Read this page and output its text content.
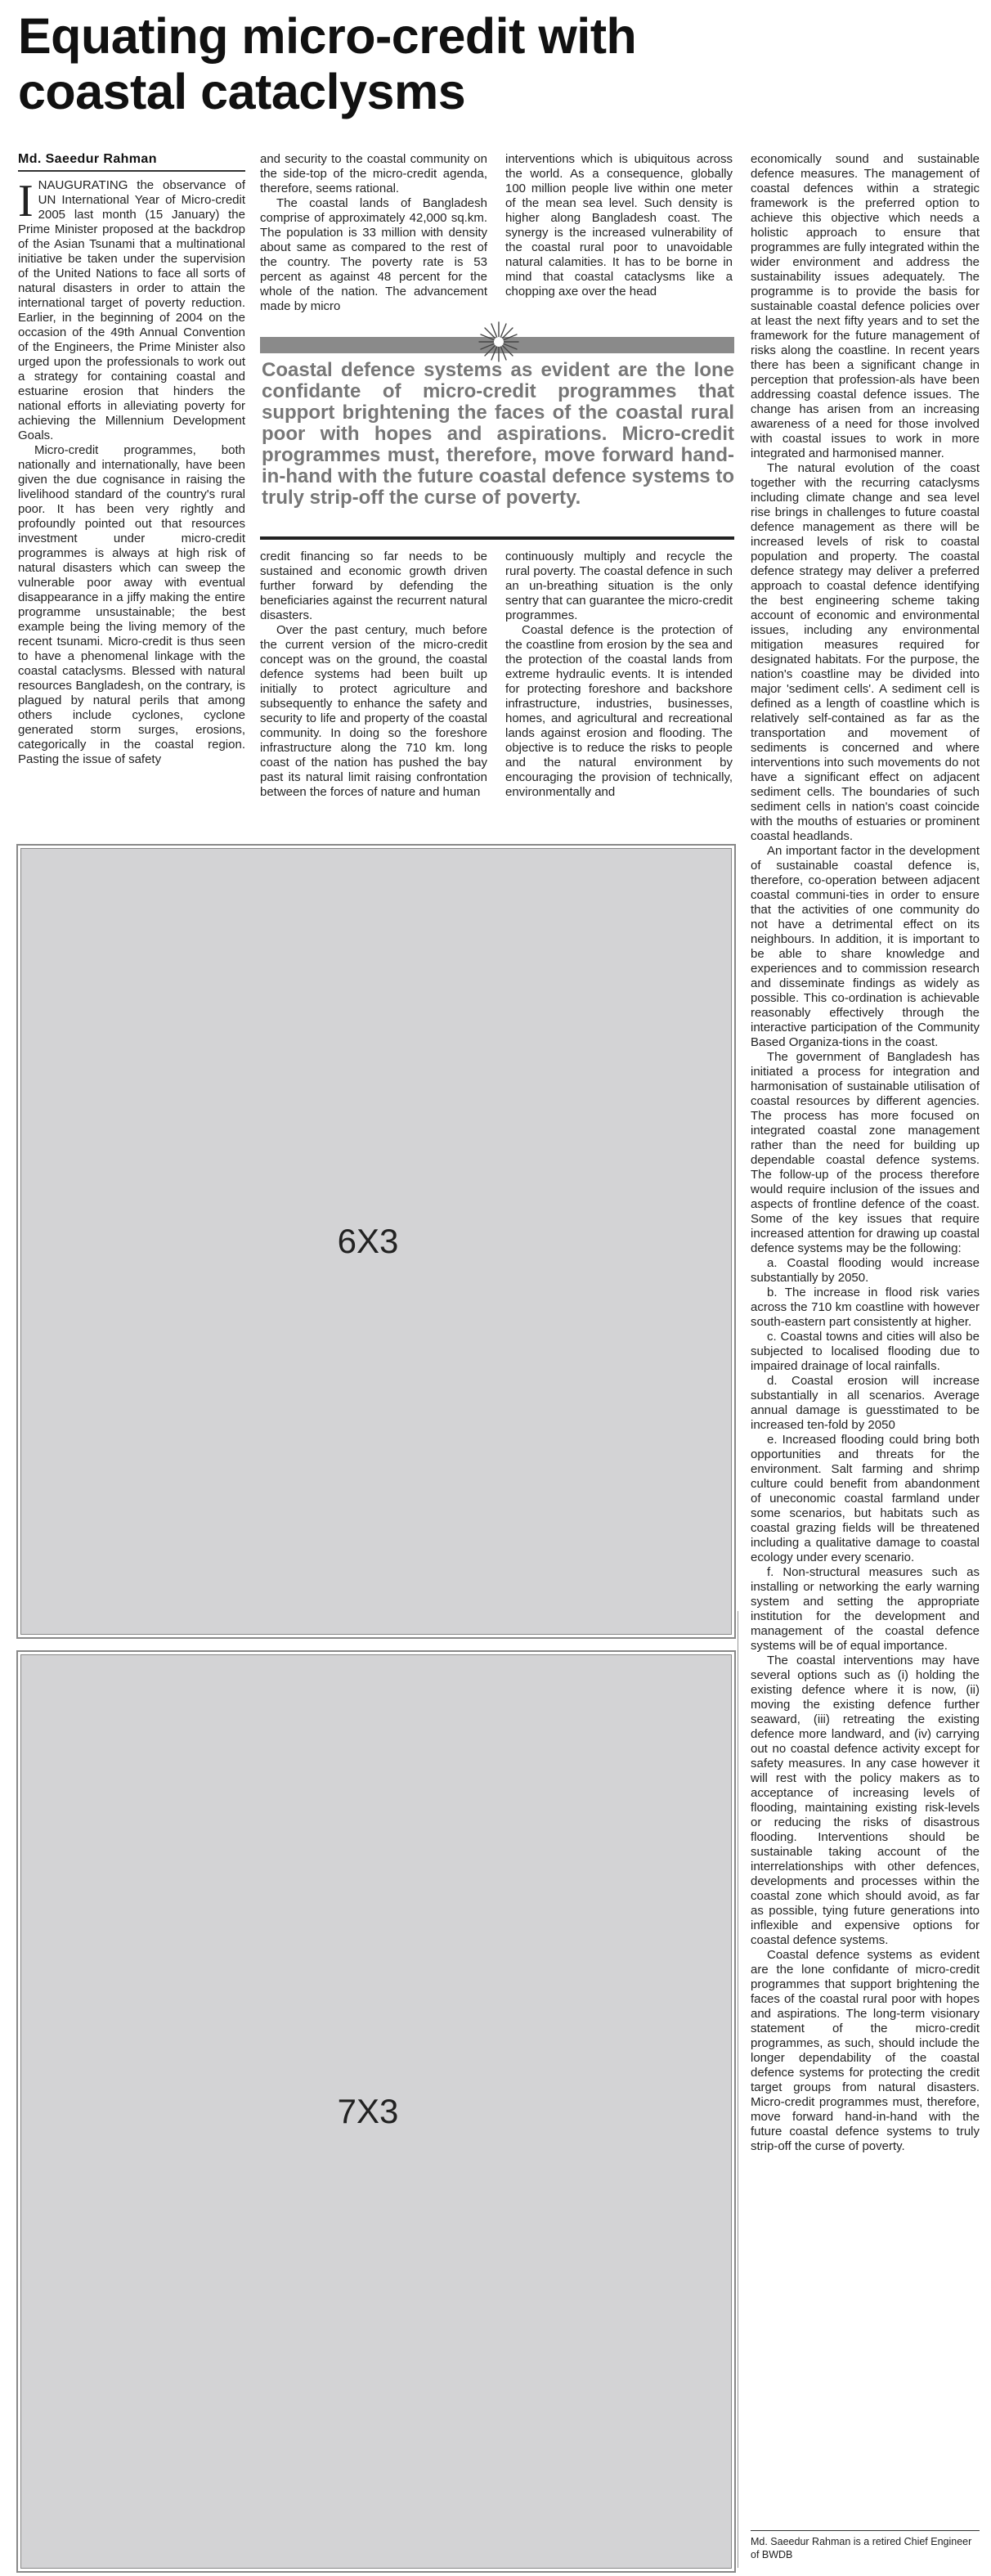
Equating micro-credit with coastal cataclysms
Md. Saeedur Rahman

INAUGURATING the observance of UN International Year of Micro-credit 2005 last month (15 January) the Prime Minister proposed at the backdrop of the Asian Tsunami that a multinational initiative be taken under the supervision of the United Nations to face all sorts of natural disasters in order to attain the international target of poverty reduction. Earlier, in the beginning of 2004 on the occasion of the 49th Annual Convention of the Engineers, the Prime Minister also urged upon the professionals to work out a strategy for containing coastal and estuarine erosion that hinders the national efforts in alleviating poverty for achieving the Millennium Development Goals.

Micro-credit programmes, both nationally and internationally, have been given the due cognisance in raising the livelihood standard of the country's rural poor. It has been very rightly and profoundly pointed out that resources investment under micro-credit programmes is always at high risk of natural disasters which can sweep the vulnerable poor away with eventual disappearance in a jiffy making the entire programme unsustainable; the best example being the living memory of the recent tsunami. Micro-credit is thus seen to have a phenomenal linkage with the coastal cataclysms. Blessed with natural resources Bangladesh, on the contrary, is plagued by natural perils that among others include cyclones, cyclone generated storm surges, erosions, categorically in the coastal region. Pasting the issue of safety

and security to the coastal community on the side-top of the micro-credit agenda, therefore, seems rational.

The coastal lands of Bangladesh comprise of approximately 42,000 sq.km. The population is 33 million with density about same as compared to the rest of the country. The poverty rate is 53 percent as against 48 percent for the whole of the nation. The advancement made by micro

interventions which is ubiquitous across the world. As a consequence, globally 100 million people live within one meter of the mean sea level. Such density is higher along Bangladesh coast. The synergy is the increased vulnerability of the coastal rural poor to unavoidable natural calamities. It has to be borne in mind that coastal cataclysms like a chopping axe over the head

Coastal defence systems as evident are the lone confidante of micro-credit programmes that support brightening the faces of the coastal rural poor with hopes and aspirations. Micro-credit programmes must, therefore, move forward hand-in-hand with the future coastal defence systems to truly strip-off the curse of poverty.

credit financing so far needs to be sustained and economic growth driven further forward by defending the beneficiaries against the recurrent natural disasters.

Over the past century, much before the current version of the micro-credit concept was on the ground, the coastal defence systems had been built up initially to protect agriculture and subsequently to enhance the safety and security to life and property of the coastal community. In doing so the foreshore infrastructure along the 710 km. long coast of the nation has pushed the bay past its natural limit raising confrontation between the forces of nature and human

continuously multiply and recycle the rural poverty. The coastal defence in such an un-breathing situation is the only sentry that can guarantee the micro-credit programmes.

Coastal defence is the protection of the coastline from erosion by the sea and the protection of the coastal lands from extreme hydraulic events. It is intended for protecting foreshore and backshore infrastructure, industries, businesses, homes, and agricultural and recreational lands against erosion and flooding. The objective is to reduce the risks to people and the natural environment by encouraging the provision of technically, environmentally and

economically sound and sustainable defence measures. The management of coastal defences within a strategic framework is the preferred option to achieve this objective which needs a holistic approach to ensure that programmes are fully integrated within the wider environment and address the sustainability issues adequately. The programme is to provide the basis for sustainable coastal defence policies over at least the next fifty years and to set the framework for the future management of risks along the coastline. In recent years there has been a significant change in perception that profession-als have been addressing coastal defence issues. The change has arisen from an increasing awareness of a need for those involved with coastal issues to work in more integrated and harmonised manner.

The natural evolution of the coast together with the recurring cataclysms including climate change and sea level rise brings in challenges to future coastal defence management as there will be increased levels of risk to coastal population and property. The coastal defence strategy may deliver a preferred approach to coastal defence identifying the best engineering scheme taking account of economic and environmental issues, including any environmental mitigation measures required for designated habitats. For the purpose, the nation's coastline may be divided into major 'sediment cells'. A sediment cell is defined as a length of coastline which is relatively self-contained as far as the transportation and movement of sediments is concerned and where interventions into such movements do not have a significant effect on adjacent sediment cells. The boundaries of such sediment cells in nation's coast coincide with the mouths of estuaries or prominent coastal headlands.

An important factor in the development of sustainable coastal defence is, therefore, co-operation between adjacent coastal communi-ties in order to ensure that the activities of one community do not have a detrimental effect on its neighbours. In addition, it is important to be able to share knowledge and experiences and to commission research and disseminate findings as widely as possible. This co-ordination is achievable reasonably effectively through the interactive participation of the Community Based Organiza-tions in the coast.

The government of Bangladesh has initiated a process for integration and harmonisation of sustainable utilisation of coastal resources by different agencies. The process has more focused on integrated coastal zone management rather than the need for building up dependable coastal defence systems. The follow-up of the process therefore would require inclusion of the issues and aspects of frontline defence of the coast. Some of the key issues that require increased attention for drawing up coastal defence systems may be the following:

a. Coastal flooding would increase substantially by 2050.

b. The increase in flood risk varies across the 710 km coastline with however south-eastern part consistently at higher.

c. Coastal towns and cities will also be subjected to localised flooding due to impaired drainage of local rainfalls.

d. Coastal erosion will increase substantially in all scenarios. Average annual damage is guesstimated to be increased ten-fold by 2050

e. Increased flooding could bring both opportunities and threats for the environment. Salt farming and shrimp culture could benefit from abandonment of uneconomic coastal farmland under some scenarios, but habitats such as coastal grazing fields will be threatened including a qualitative damage to coastal ecology under every scenario.

f. Non-structural measures such as installing or networking the early warning system and setting the appropriate institution for the development and management of the coastal defence systems will be of equal importance.

The coastal interventions may have several options such as (i) holding the existing defence where it is now, (ii) moving the existing defence further seaward, (iii) retreating the existing defence more landward, and (iv) carrying out no coastal defence activity except for safety measures. In any case however it will rest with the policy makers as to acceptance of increasing levels of flooding, maintaining existing risk-levels or reducing the risks of disastrous flooding. Interventions should be sustainable taking account of the interrelationships with other defences, developments and processes within the coastal zone which should avoid, as far as possible, tying future generations into inflexible and expensive options for coastal defence systems.

Coastal defence systems as evident are the lone confidante of micro-credit programmes that support brightening the faces of the coastal rural poor with hopes and aspirations. The long-term visionary statement of the micro-credit programmes, as such, should include the longer dependability of the coastal defence systems for protecting the credit target groups from natural disasters. Micro-credit programmes must, therefore, move forward hand-in-hand with the future coastal defence systems to truly strip-off the curse of poverty.

6X3
7X3
Md. Saeedur Rahman is a retired Chief Engineer of BWDB
